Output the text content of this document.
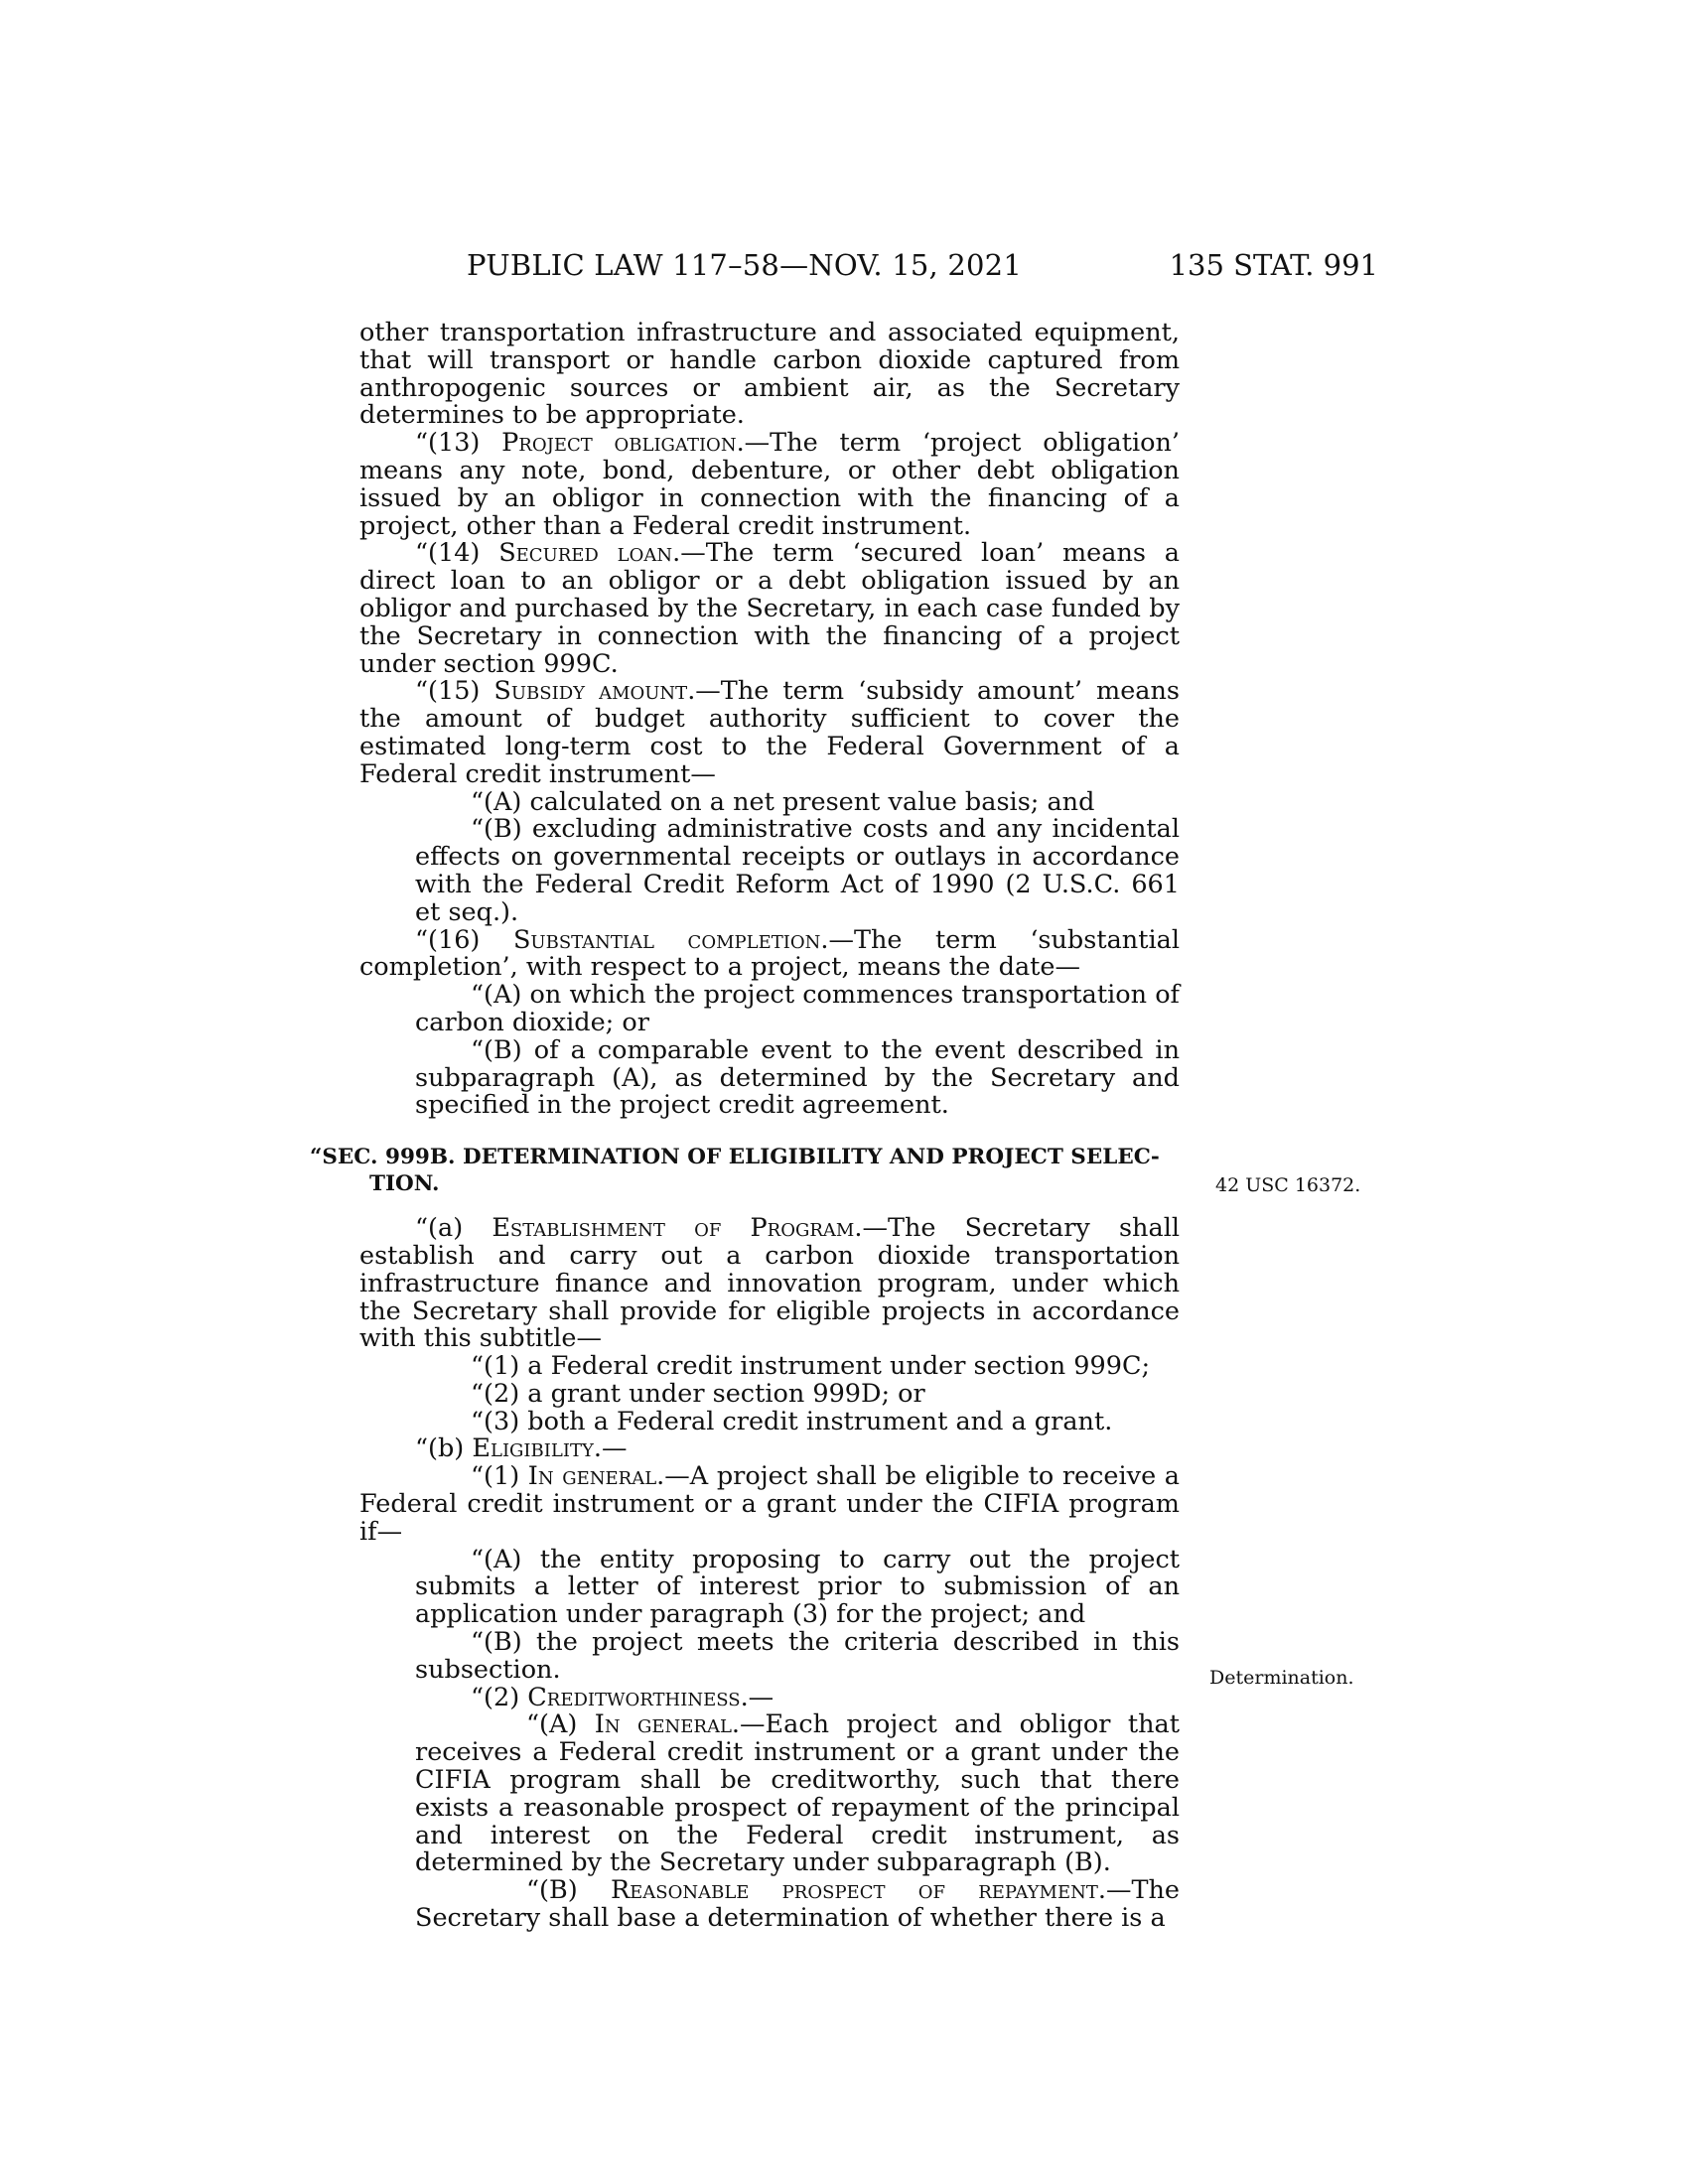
PUBLIC LAW 117–58—NOV. 15, 2021	135 STAT. 991

other transportation infrastructure and associated equipment, that will transport or handle carbon dioxide captured from anthropogenic sources or ambient air, as the Secretary determines to be appropriate.

“(13) Project obligation.—The term ‘project obligation’ means any note, bond, debenture, or other debt obligation issued by an obligor in connection with the financing of a project, other than a Federal credit instrument.

“(14) Secured loan.—The term ‘secured loan’ means a direct loan to an obligor or a debt obligation issued by an obligor and purchased by the Secretary, in each case funded by the Secretary in connection with the financing of a project under section 999C.

“(15) Subsidy amount.—The term ‘subsidy amount’ means the amount of budget authority sufficient to cover the estimated long-term cost to the Federal Government of a Federal credit instrument—

“(A) calculated on a net present value basis; and

“(B) excluding administrative costs and any incidental effects on governmental receipts or outlays in accordance with the Federal Credit Reform Act of 1990 (2 U.S.C. 661 et seq.).

“(16) Substantial completion.—The term ‘substantial completion’, with respect to a project, means the date—

“(A) on which the project commences transportation of carbon dioxide; or

“(B) of a comparable event to the event described in subparagraph (A), as determined by the Secretary and specified in the project credit agreement.

“SEC. 999B. DETERMINATION OF ELIGIBILITY AND PROJECT SELEC-
TION.

“(a) Establishment of Program.—The Secretary shall establish and carry out a carbon dioxide transportation infrastructure finance and innovation program, under which the Secretary shall provide for eligible projects in accordance with this subtitle—

“(1) a Federal credit instrument under section 999C;

“(2) a grant under section 999D; or

“(3) both a Federal credit instrument and a grant.

“(b) Eligibility.—

“(1) In general.—A project shall be eligible to receive a Federal credit instrument or a grant under the CIFIA program if—

“(A) the entity proposing to carry out the project submits a letter of interest prior to submission of an application under paragraph (3) for the project; and

“(B) the project meets the criteria described in this subsection.

“(2) Creditworthiness.—

“(A) In general.—Each project and obligor that receives a Federal credit instrument or a grant under the CIFIA program shall be creditworthy, such that there exists a reasonable prospect of repayment of the principal and interest on the Federal credit instrument, as determined by the Secretary under subparagraph (B).

“(B) Reasonable prospect of repayment.—The Secretary shall base a determination of whether there is a

42 USC 16372.
Determination.
